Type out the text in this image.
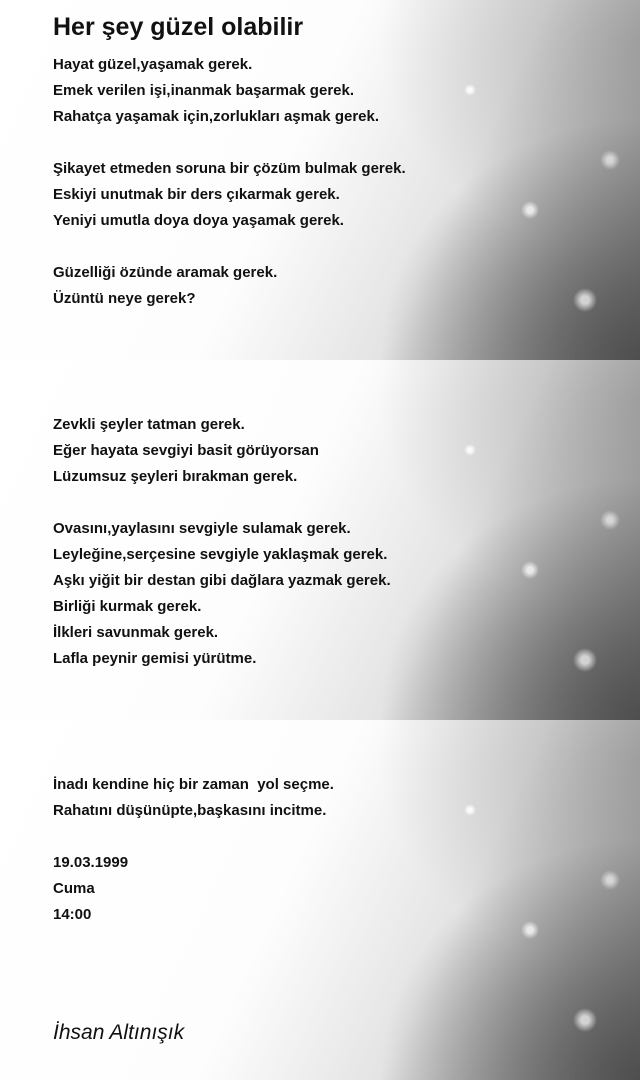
Her şey güzel olabilir
Hayat güzel,yaşamak gerek.
Emek verilen işi,inanmak başarmak gerek.
Rahatça yaşamak için,zorlukları aşmak gerek.
Şikayet etmeden soruna bir çözüm bulmak gerek.
Eskiyi unutmak bir ders çıkarmak gerek.
Yeniyi umutla doya doya yaşamak gerek.
Güzelliği özünde aramak gerek.
Üzüntü neye gerek?
Zevkli şeyler tatman gerek.
Eğer hayata sevgiyi basit görüyorsan
Lüzumsuz şeyleri bırakman gerek.
Ovasını,yaylasını sevgiyle sulamak gerek.
Leyleğine,serçesine sevgiyle yaklaşmak gerek.
Aşkı yiğit bir destan gibi dağlara yazmak gerek.
Birliği kurmak gerek.
İlkleri savunmak gerek.
Lafla peynir gemisi yürütme.
İnadı kendine hiç bir zaman  yol seçme.
Rahatını düşünüpte,başkasını incitme.
19.03.1999
Cuma
14:00

İhsan Altınışık
